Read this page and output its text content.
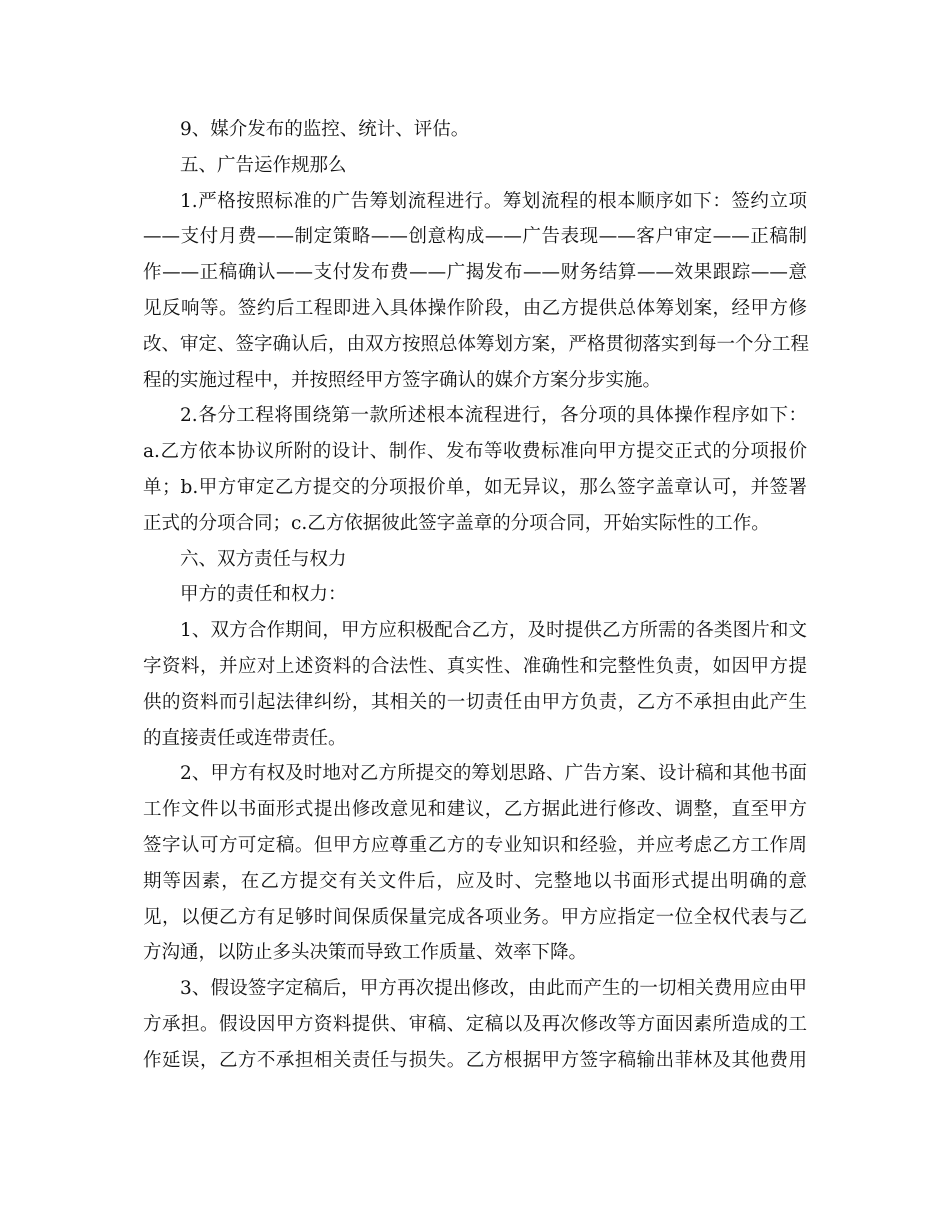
9、媒介发布的监控、统计、评估。
五、广告运作规那么
1.严格按照标准的广告筹划流程进行。筹划流程的根本顺序如下：签约立项
——支付月费——制定策略——创意构成——广告表现——客户审定——正稿制
作——正稿确认——支付发布费——广揭发布——财务结算——效果跟踪——意
见反响等。签约后工程即进入具体操作阶段，由乙方提供总体筹划案，经甲方修
改、审定、签字确认后，由双方按照总体筹划方案，严格贯彻落实到每一个分工程
程的实施过程中，并按照经甲方签字确认的媒介方案分步实施。
2.各分工程将围绕第一款所述根本流程进行，各分项的具体操作程序如下：
a.乙方依本协议所附的设计、制作、发布等收费标准向甲方提交正式的分项报价
单；b.甲方审定乙方提交的分项报价单，如无异议，那么签字盖章认可，并签署
正式的分项合同；c.乙方依据彼此签字盖章的分项合同，开始实际性的工作。
六、双方责任与权力
甲方的责任和权力：
1、双方合作期间，甲方应积极配合乙方，及时提供乙方所需的各类图片和文
字资料，并应对上述资料的合法性、真实性、准确性和完整性负责，如因甲方提
供的资料而引起法律纠纷，其相关的一切责任由甲方负责，乙方不承担由此产生
的直接责任或连带责任。
2、甲方有权及时地对乙方所提交的筹划思路、广告方案、设计稿和其他书面
工作文件以书面形式提出修改意见和建议，乙方据此进行修改、调整，直至甲方
签字认可方可定稿。但甲方应尊重乙方的专业知识和经验，并应考虑乙方工作周
期等因素，在乙方提交有关文件后，应及时、完整地以书面形式提出明确的意
见，以便乙方有足够时间保质保量完成各项业务。甲方应指定一位全权代表与乙
方沟通，以防止多头决策而导致工作质量、效率下降。
3、假设签字定稿后，甲方再次提出修改，由此而产生的一切相关费用应由甲
方承担。假设因甲方资料提供、审稿、定稿以及再次修改等方面因素所造成的工
作延误，乙方不承担相关责任与损失。乙方根据甲方签字稿输出菲林及其他费用
